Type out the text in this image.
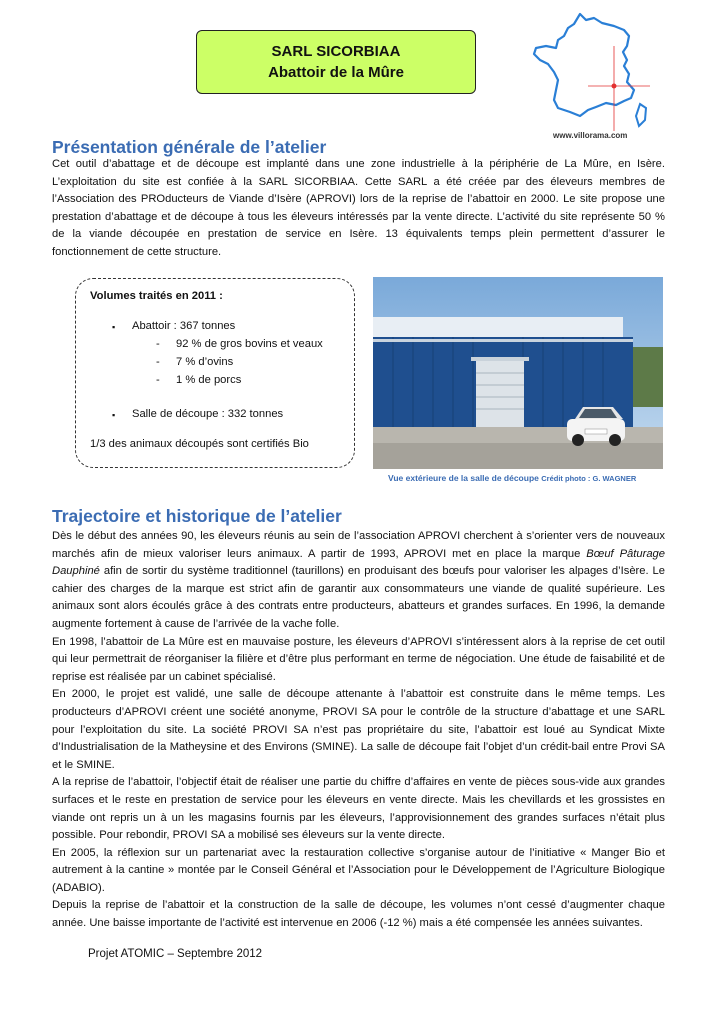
SARL SICORBIAA
Abattoir de la Mûre
www.villorama.com
Présentation générale de l’atelier

Cet outil d’abattage et de découpe est implanté dans une zone industrielle à la périphérie de La Mûre, en Isère. L’exploitation du site est confiée à la SARL SICORBIAA. Cette SARL a été créée par des éleveurs membres de l’Association des PROducteurs de Viande d’Isère (APROVI) lors de la reprise de l’abattoir en 2000. Le site propose une prestation d’abattage et de découpe à tous les éleveurs intéressés par la vente directe. L’activité du site représente 50 % de la viande découpée en prestation de service en Isère. 13 équivalents temps plein permettent d’assurer le fonctionnement de cette structure.

Volumes traités en 2011 :
▪ Abattoir : 367 tonnes
- 92 % de gros bovins et veaux
- 7 % d’ovins
- 1 % de porcs
▪ Salle de découpe : 332 tonnes
1/3 des animaux découpés sont certifiés Bio
Vue extérieure de la salle de découpe Crédit photo : G. WAGNER
Trajectoire et historique de l’atelier

Dès le début des années 90, les éleveurs réunis au sein de l’association APROVI cherchent à s’orienter vers de nouveaux marchés afin de mieux valoriser leurs animaux. A partir de 1993, APROVI met en place la marque Bœuf Pâturage Dauphiné afin de sortir du système traditionnel (taurillons) en produisant des bœufs pour valoriser les alpages d’Isère. Le cahier des charges de la marque est strict afin de garantir aux consommateurs une viande de qualité supérieure. Les animaux sont alors écoulés grâce à des contrats entre producteurs, abatteurs et grandes surfaces. En 1996, la demande augmente fortement à cause de l’arrivée de la vache folle.

En 1998, l’abattoir de La Mûre est en mauvaise posture, les éleveurs d’APROVI s’intéressent alors à la reprise de cet outil qui leur permettrait de réorganiser la filière et d’être plus performant en terme de négociation. Une étude de faisabilité et de reprise est réalisée par un cabinet spécialisé.

En 2000, le projet est validé, une salle de découpe attenante à l’abattoir est construite dans le même temps. Les producteurs d’APROVI créent une société anonyme, PROVI SA pour le contrôle de la structure d’abattage et une SARL pour l’exploitation du site. La société PROVI SA n’est pas propriétaire du site, l’abattoir est loué au Syndicat Mixte d’Industrialisation de la Matheysine et des Environs (SMINE). La salle de découpe fait l’objet d’un crédit-bail entre Provi SA et le SMINE.

A la reprise de l’abattoir, l’objectif était de réaliser une partie du chiffre d’affaires en vente de pièces sous-vide aux grandes surfaces et le reste en prestation de service pour les éleveurs en vente directe. Mais les chevillards et les grossistes en viande ont repris un à un les magasins fournis par les éleveurs, l’approvisionnement des grandes surfaces n’était plus possible. Pour rebondir, PROVI SA a mobilisé ses éleveurs sur la vente directe.

En 2005, la réflexion sur un partenariat avec la restauration collective s’organise autour de l’initiative « Manger Bio et autrement à la cantine » montée par le Conseil Général et l’Association pour le Développement de l’Agriculture Biologique (ADABIO).

Depuis la reprise de l’abattoir et la construction de la salle de découpe, les volumes n’ont cessé d’augmenter chaque année. Une baisse importante de l’activité est intervenue en 2006 (-12 %) mais a été compensée les années suivantes.

Projet ATOMIC – Septembre 2012
